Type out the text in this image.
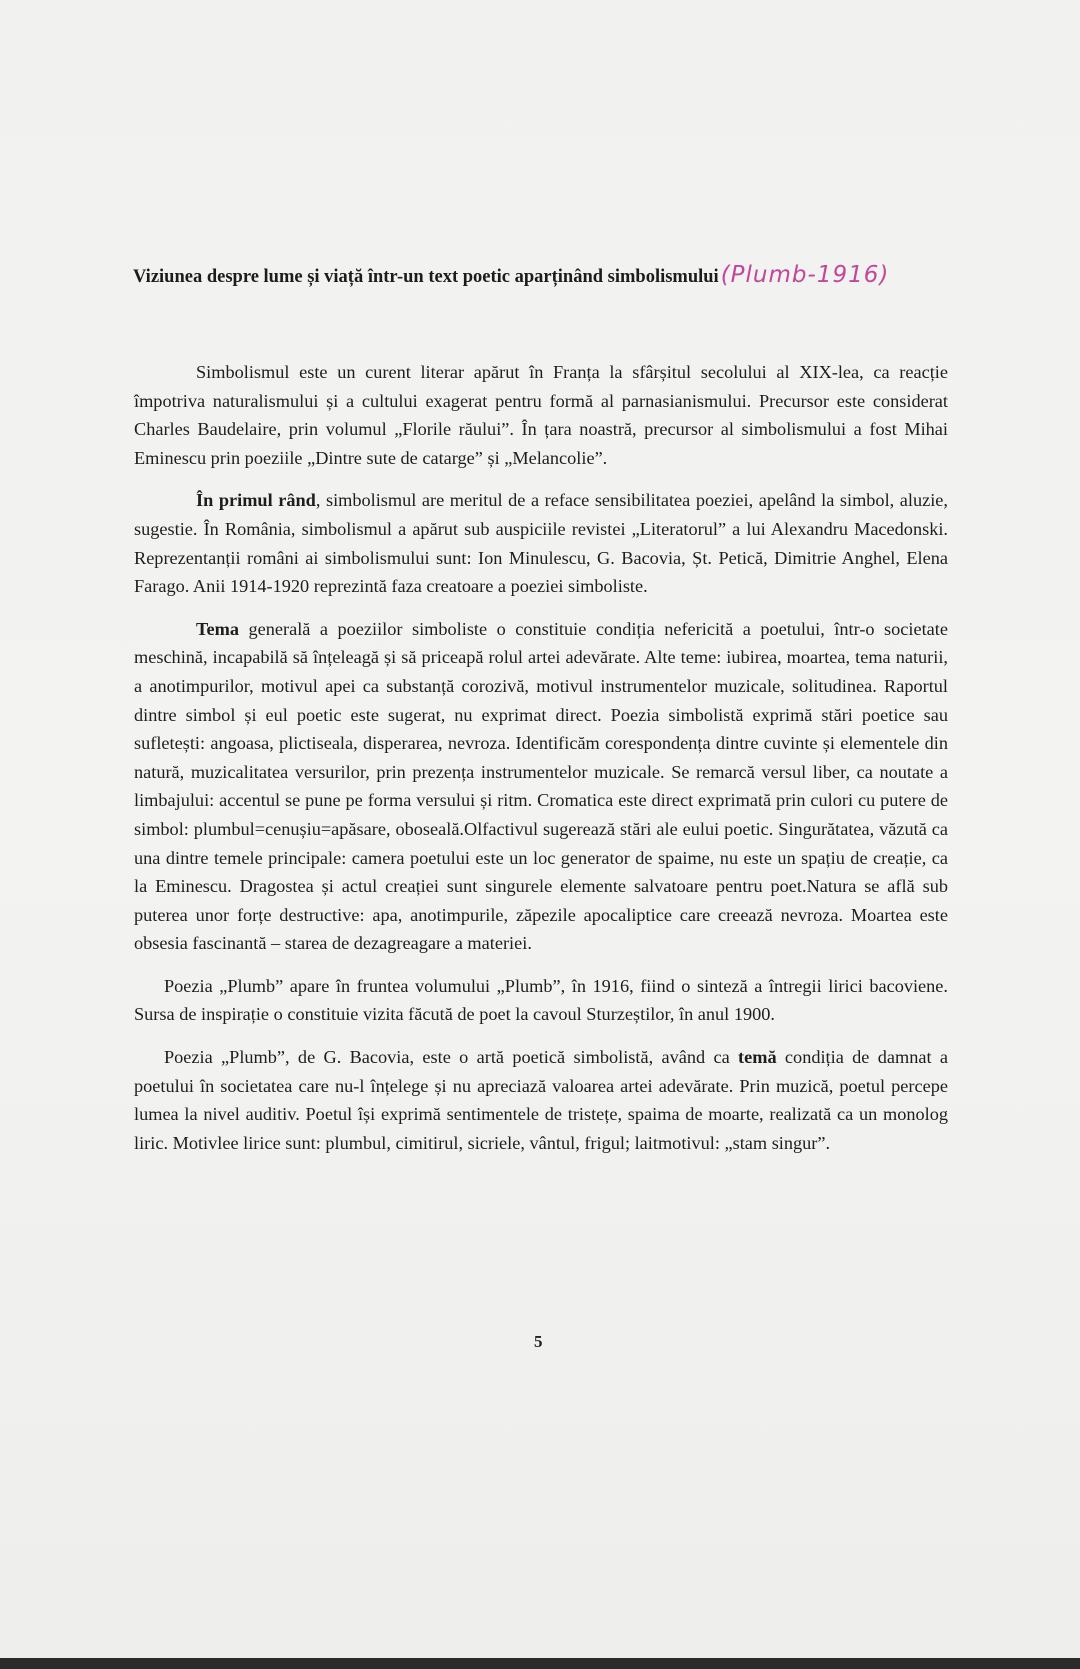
Viziunea despre lume și viață într-un text poetic aparținând simbolismului(Plumb-1916)

Simbolismul este un curent literar apărut în Franța la sfârșitul secolului al XIX-lea, ca reacție împotriva naturalismului și a cultului exagerat pentru formă al parnasianismului. Precursor este considerat Charles Baudelaire, prin volumul „Florile răului”. În țara noastră, precursor al simbolismului a fost Mihai Eminescu prin poeziile „Dintre sute de catarge” și „Melancolie”.

În primul rând, simbolismul are meritul de a reface sensibilitatea poeziei, apelând la simbol, aluzie, sugestie. În România, simbolismul a apărut sub auspiciile revistei „Literatorul” a lui Alexandru Macedonski. Reprezentanții români ai simbolismului sunt: Ion Minulescu, G. Bacovia, Șt. Petică, Dimitrie Anghel, Elena Farago. Anii 1914-1920 reprezintă faza creatoare a poeziei simboliste.

Tema generală a poeziilor simboliste o constituie condiția nefericită a poetului, într-o societate meschină, incapabilă să înțeleagă și să priceapă rolul artei adevărate. Alte teme: iubirea, moartea, tema naturii, a anotimpurilor, motivul apei ca substanță corozivă, motivul instrumentelor muzicale, solitudinea. Raportul dintre simbol și eul poetic este sugerat, nu exprimat direct. Poezia simbolistă exprimă stări poetice sau sufletești: angoasa, plictiseala, disperarea, nevroza. Identificăm corespondența dintre cuvinte și elementele din natură, muzicalitatea versurilor, prin prezența instrumentelor muzicale. Se remarcă versul liber, ca noutate a limbajului: accentul se pune pe forma versului și ritm. Cromatica este direct exprimată prin culori cu putere de simbol: plumbul=cenușiu=apăsare, oboseală.Olfactivul sugerează stări ale eului poetic. Singurătatea, văzută ca una dintre temele principale: camera poetului este un loc generator de spaime, nu este un spațiu de creație, ca la Eminescu. Dragostea și actul creației sunt singurele elemente salvatoare pentru poet.Natura se află sub puterea unor forțe destructive: apa, anotimpurile, zăpezile apocaliptice care creează nevroza. Moartea este obsesia fascinantă – starea de dezagreagare a materiei.

Poezia „Plumb” apare în fruntea volumului „Plumb”, în 1916, fiind o sinteză a întregii lirici bacoviene. Sursa de inspirație o constituie vizita făcută de poet la cavoul Sturzeștilor, în anul 1900.

Poezia „Plumb”, de G. Bacovia, este o artă poetică simbolistă, având ca temă condiția de damnat a poetului în societatea care nu-l înțelege și nu apreciază valoarea artei adevărate. Prin muzică, poetul percepe lumea la nivel auditiv. Poetul își exprimă sentimentele de tristețe, spaima de moarte, realizată ca un monolog liric. Motivlee lirice sunt: plumbul, cimitirul, sicriele, vântul, frigul; laitmotivul: „stam singur”.

5
